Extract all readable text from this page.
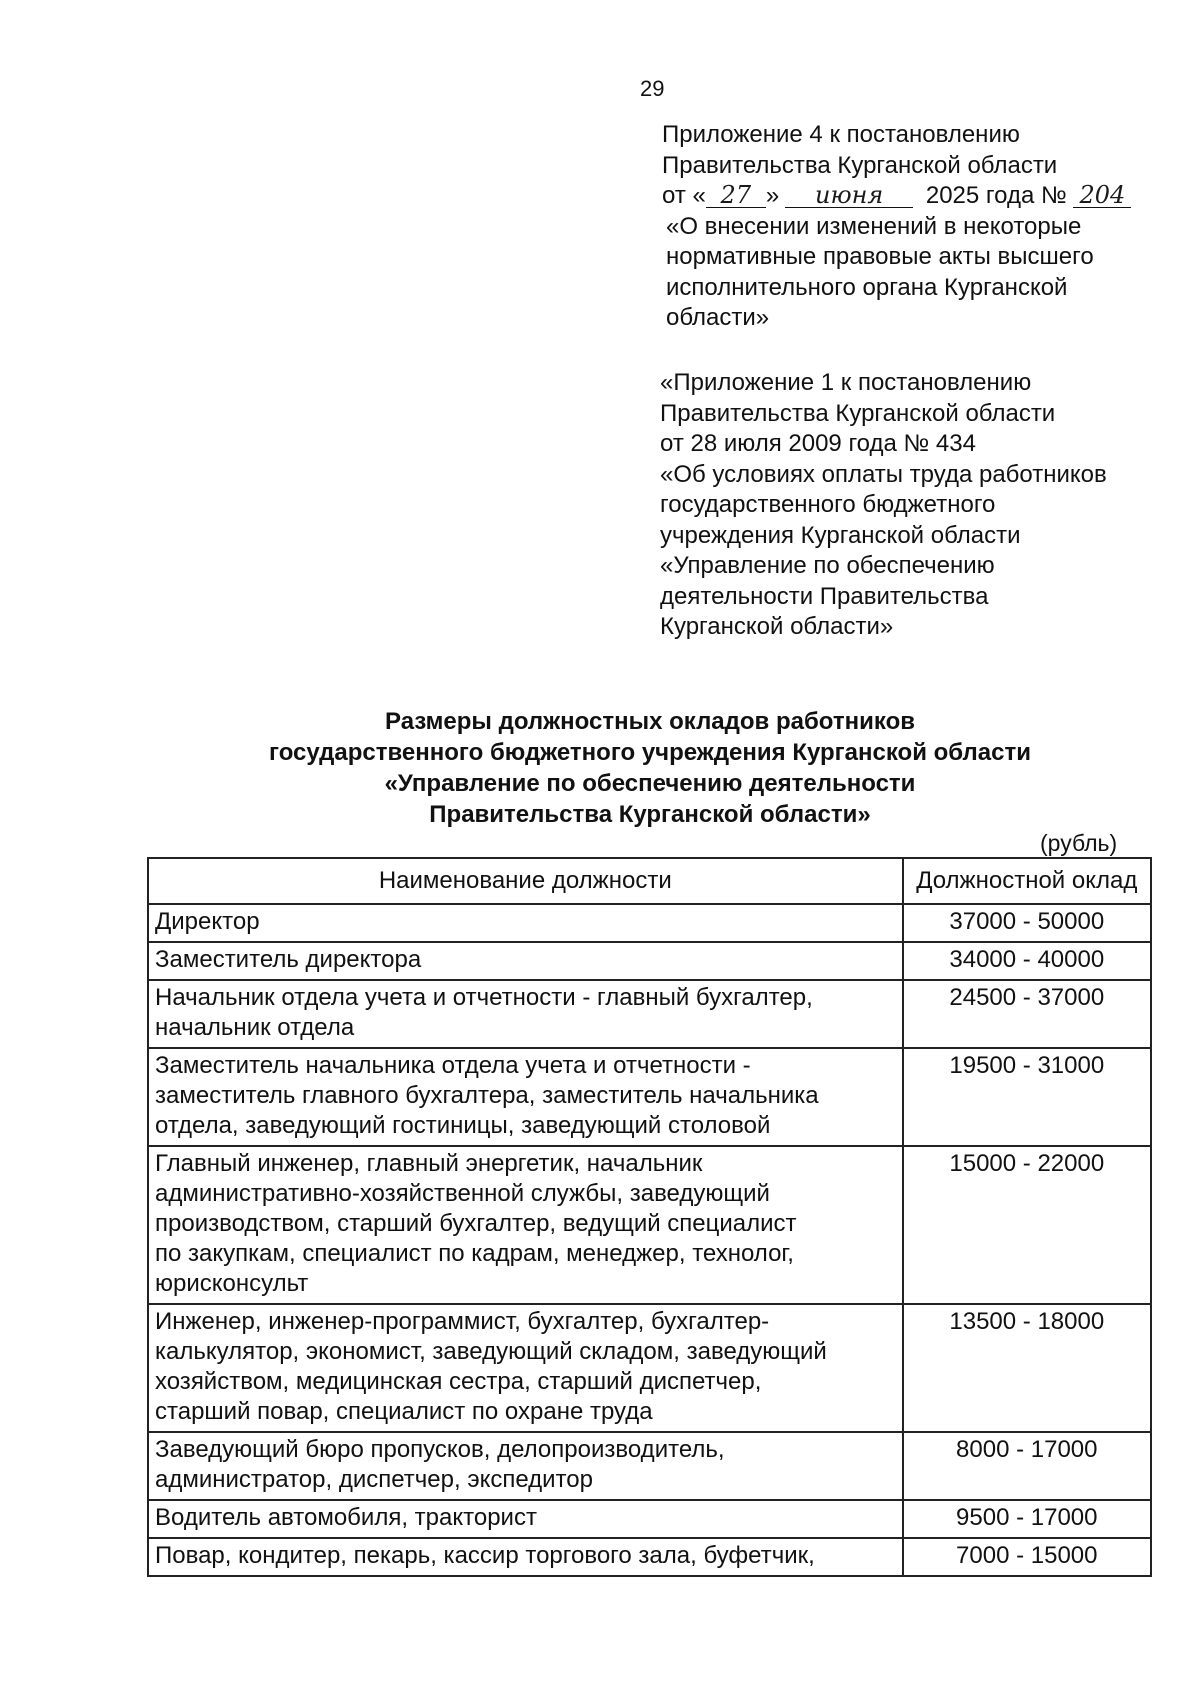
29
Приложение 4 к постановлению
Правительства Курганской области
от « 27 » июня 2025 года № 204
«О внесении изменений в некоторые
нормативные правовые акты высшего
исполнительного органа Курганской
области»
«Приложение 1 к постановлению
Правительства Курганской области
от 28 июля 2009 года № 434
«Об условиях оплаты труда работников
государственного бюджетного
учреждения Курганской области
«Управление по обеспечению
деятельности Правительства
Курганской области»
Размеры должностных окладов работников
государственного бюджетного учреждения Курганской области
«Управление по обеспечению деятельности
Правительства Курганской области»
(рубль)
Наименование должности	Должностной оклад

Директор	37000 - 50000

Заместитель директора	34000 - 40000

Начальник отдела учета и отчетности - главный бухгалтер,
начальник отдела	24500 - 37000

Заместитель начальника отдела учета и отчетности -
заместитель главного бухгалтера, заместитель начальника
отдела, заведующий гостиницы, заведующий столовой	19500 - 31000

Главный инженер, главный энергетик, начальник
административно-хозяйственной службы, заведующий
производством, старший бухгалтер, ведущий специалист
по закупкам, специалист по кадрам, менеджер, технолог,
юрисконсульт	15000 - 22000

Инженер, инженер-программист, бухгалтер, бухгалтер-
калькулятор, экономист, заведующий складом, заведующий
хозяйством, медицинская сестра, старший диспетчер,
старший повар, специалист по охране труда	13500 - 18000

Заведующий бюро пропусков, делопроизводитель,
администратор, диспетчер, экспедитор	8000 - 17000

Водитель автомобиля, тракторист	9500 - 17000

Повар, кондитер, пекарь, кассир торгового зала, буфетчик,	7000 - 15000
